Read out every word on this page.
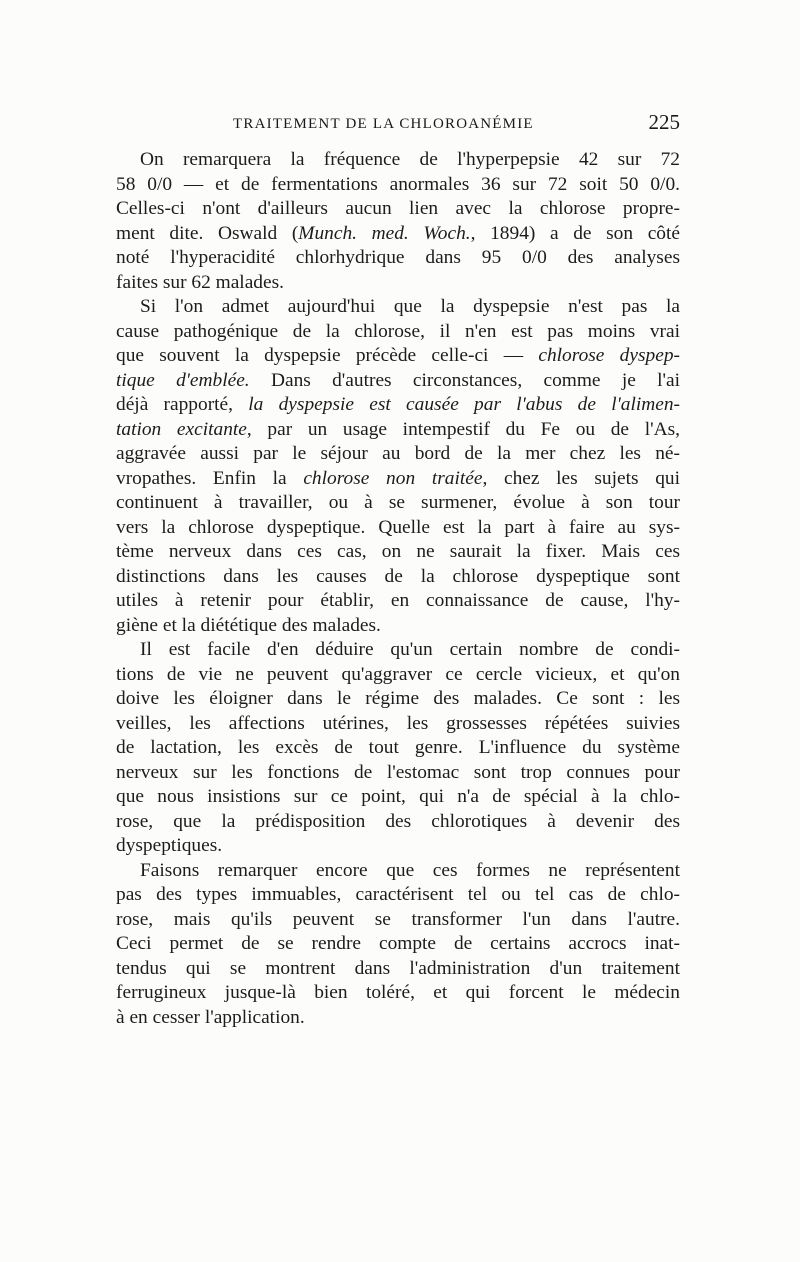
TRAITEMENT DE LA CHLOROANÉMIE	225
On remarquera la fréquence de l'hyperpepsie 42 sur 72
58 0/0 — et de fermentations anormales 36 sur 72 soit 50 0/0.
Celles-ci n'ont d'ailleurs aucun lien avec la chlorose propre-
ment dite. Oswald (Munch. med. Woch., 1894) a de son côté
noté l'hyperacidité chlorhydrique dans 95 0/0 des analyses
faites sur 62 malades.
Si l'on admet aujourd'hui que la dyspepsie n'est pas la
cause pathogénique de la chlorose, il n'en est pas moins vrai
que souvent la dyspepsie précède celle-ci — chlorose dyspep-
tique d'emblée. Dans d'autres circonstances, comme je l'ai
déjà rapporté, la dyspepsie est causée par l'abus de l'alimen-
tation excitante, par un usage intempestif du Fe ou de l'As,
aggravée aussi par le séjour au bord de la mer chez les né-
vropathes. Enfin la chlorose non traitée, chez les sujets qui
continuent à travailler, ou à se surmener, évolue à son tour
vers la chlorose dyspeptique. Quelle est la part à faire au sys-
tème nerveux dans ces cas, on ne saurait la fixer. Mais ces
distinctions dans les causes de la chlorose dyspeptique sont
utiles à retenir pour établir, en connaissance de cause, l'hy-
giène et la diététique des malades.
Il est facile d'en déduire qu'un certain nombre de condi-
tions de vie ne peuvent qu'aggraver ce cercle vicieux, et qu'on
doive les éloigner dans le régime des malades. Ce sont : les
veilles, les affections utérines, les grossesses répétées suivies
de lactation, les excès de tout genre. L'influence du système
nerveux sur les fonctions de l'estomac sont trop connues pour
que nous insistions sur ce point, qui n'a de spécial à la chlo-
rose, que la prédisposition des chlorotiques à devenir des
dyspeptiques.
Faisons remarquer encore que ces formes ne représentent
pas des types immuables, caractérisent tel ou tel cas de chlo-
rose, mais qu'ils peuvent se transformer l'un dans l'autre.
Ceci permet de se rendre compte de certains accrocs inat-
tendus qui se montrent dans l'administration d'un traitement
ferrugineux jusque-là bien toléré, et qui forcent le médecin
à en cesser l'application.
